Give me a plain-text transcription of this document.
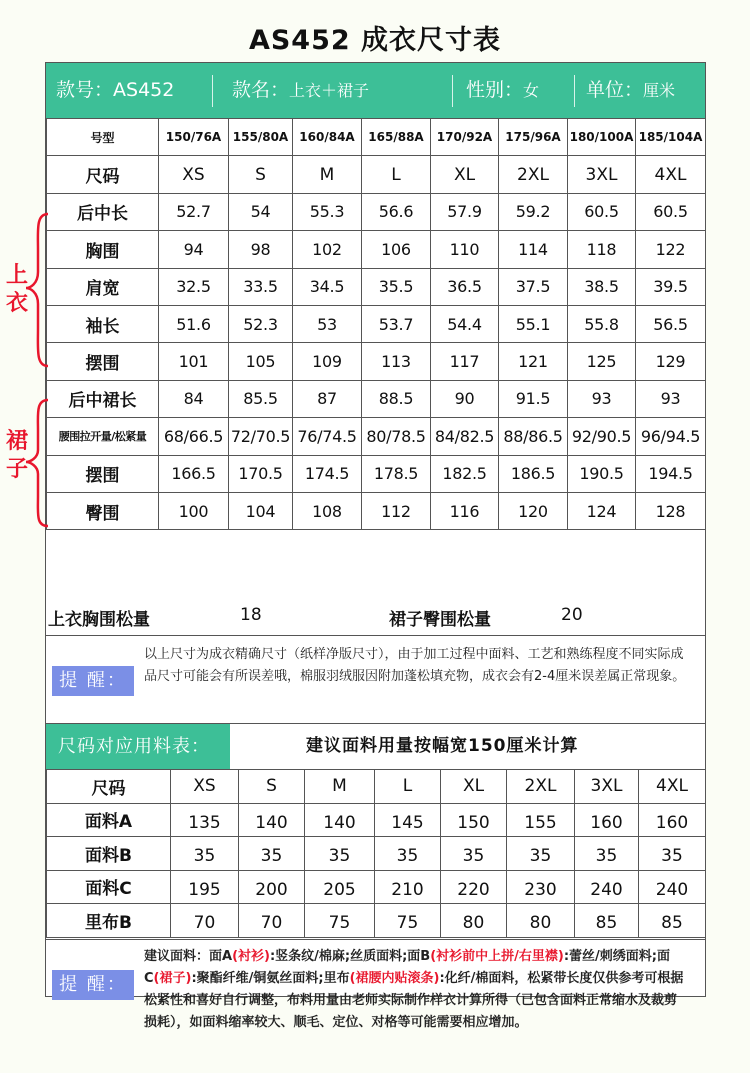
AS452 成衣尺寸表
款号：AS452	款名：上衣＋裙子	性别：女 单位：厘米
号型	150/76A	155/80A	160/84A	165/88A	170/92A	175/96A	180/100A	185/104A
尺码	XS	S	M	L	XL	2XL	3XL	4XL
后中长	52.7	54	55.3	56.6	57.9	59.2	60.5	60.5
胸围	94	98	102	106	110	114	118	122
肩宽	32.5	33.5	34.5	35.5	36.5	37.5	38.5	39.5
袖长	51.6	52.3	53	53.7	54.4	55.1	55.8	56.5
摆围	101	105	109	113	117	121	125	129
后中裙长	84	85.5	87	88.5	90	91.5	93	93
腰围拉开量/松紧量	68/66.5	72/70.5	76/74.5	80/78.5	84/82.5	88/86.5	92/90.5	96/94.5
摆围	166.5	170.5	174.5	178.5	182.5	186.5	190.5	194.5
臀围	100	104	108	112	116	120	124	128
上衣胸围松量	18	裙子臀围松量	20
提 醒：
以上尺寸为成衣精确尺寸（纸样净版尺寸），由于加工过程中面料、工艺和熟练程度不同实际成品尺寸可能会有所误差哦，棉服羽绒服因附加蓬松填充物，成衣会有2-4厘米误差属正常现象。
尺码对应用料表：	建议面料用量按幅宽150厘米计算
尺码	XS	S	M	L	XL	2XL	3XL	4XL
面料A	135	140	140	145	150	155	160	160
面料B	35	35	35	35	35	35	35	35
面料C	195	200	205	210	220	230	240	240
里布B	70	70	75	75	80	80	85	85
提 醒：
建议面料：面A(衬衫):竖条纹/棉麻;丝质面料;面B(衬衫前中上拼/右里襟):蕾丝/刺绣面料;面C(裙子):聚酯纤维/铜氨丝面料;里布(裙腰内贴滚条):化纤/棉面料，松紧带长度仅供参考可根据松紧性和喜好自行调整，布料用量由老师实际制作样衣计算所得（已包含面料正常缩水及裁剪损耗），如面料缩率较大、顺毛、定位、对格等可能需要相应增加。
上衣
裙子
